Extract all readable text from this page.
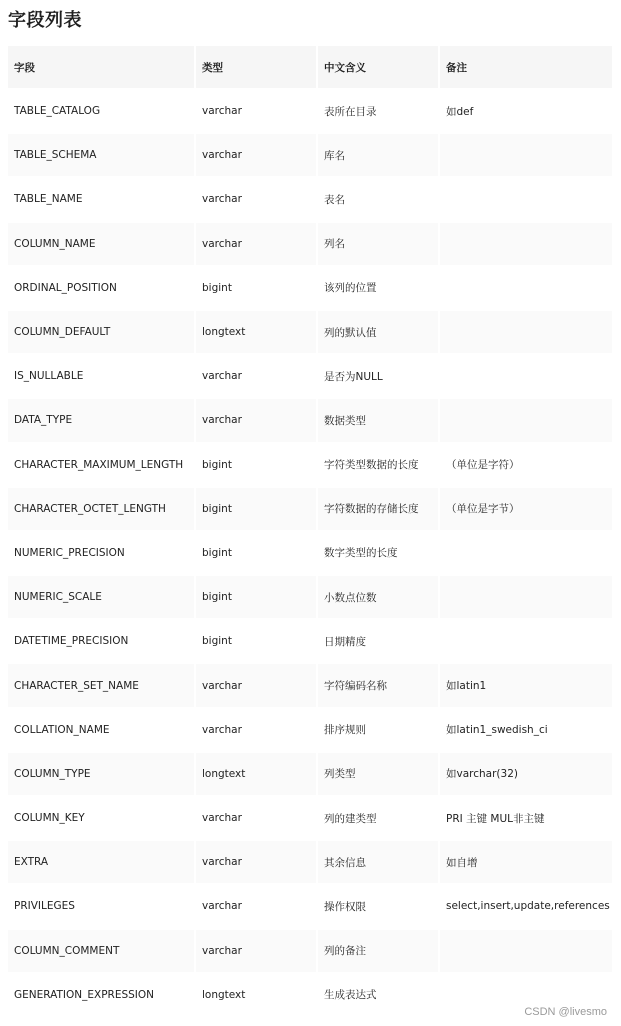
字段列表
字段	类型	中文含义	备注
TABLE_CATALOG	varchar	表所在目录	如def
TABLE_SCHEMA	varchar	库名	
TABLE_NAME	varchar	表名	
COLUMN_NAME	varchar	列名	
ORDINAL_POSITION	bigint	该列的位置	
COLUMN_DEFAULT	longtext	列的默认值	
IS_NULLABLE	varchar	是否为NULL	
DATA_TYPE	varchar	数据类型	
CHARACTER_MAXIMUM_LENGTH	bigint	字符类型数据的长度	（单位是字符）
CHARACTER_OCTET_LENGTH	bigint	字符数据的存储长度	（单位是字节）
NUMERIC_PRECISION	bigint	数字类型的长度	
NUMERIC_SCALE	bigint	小数点位数	
DATETIME_PRECISION	bigint	日期精度	
CHARACTER_SET_NAME	varchar	字符编码名称	如latin1
COLLATION_NAME	varchar	排序规则	如latin1_swedish_ci
COLUMN_TYPE	longtext	列类型	如varchar(32)
COLUMN_KEY	varchar	列的建类型	PRI 主键 MUL非主键
EXTRA	varchar	其余信息	如自增
PRIVILEGES	varchar	操作权限	select,insert,update,references
COLUMN_COMMENT	varchar	列的备注	
GENERATION_EXPRESSION	longtext	生成表达式	
CSDN @livesmo
